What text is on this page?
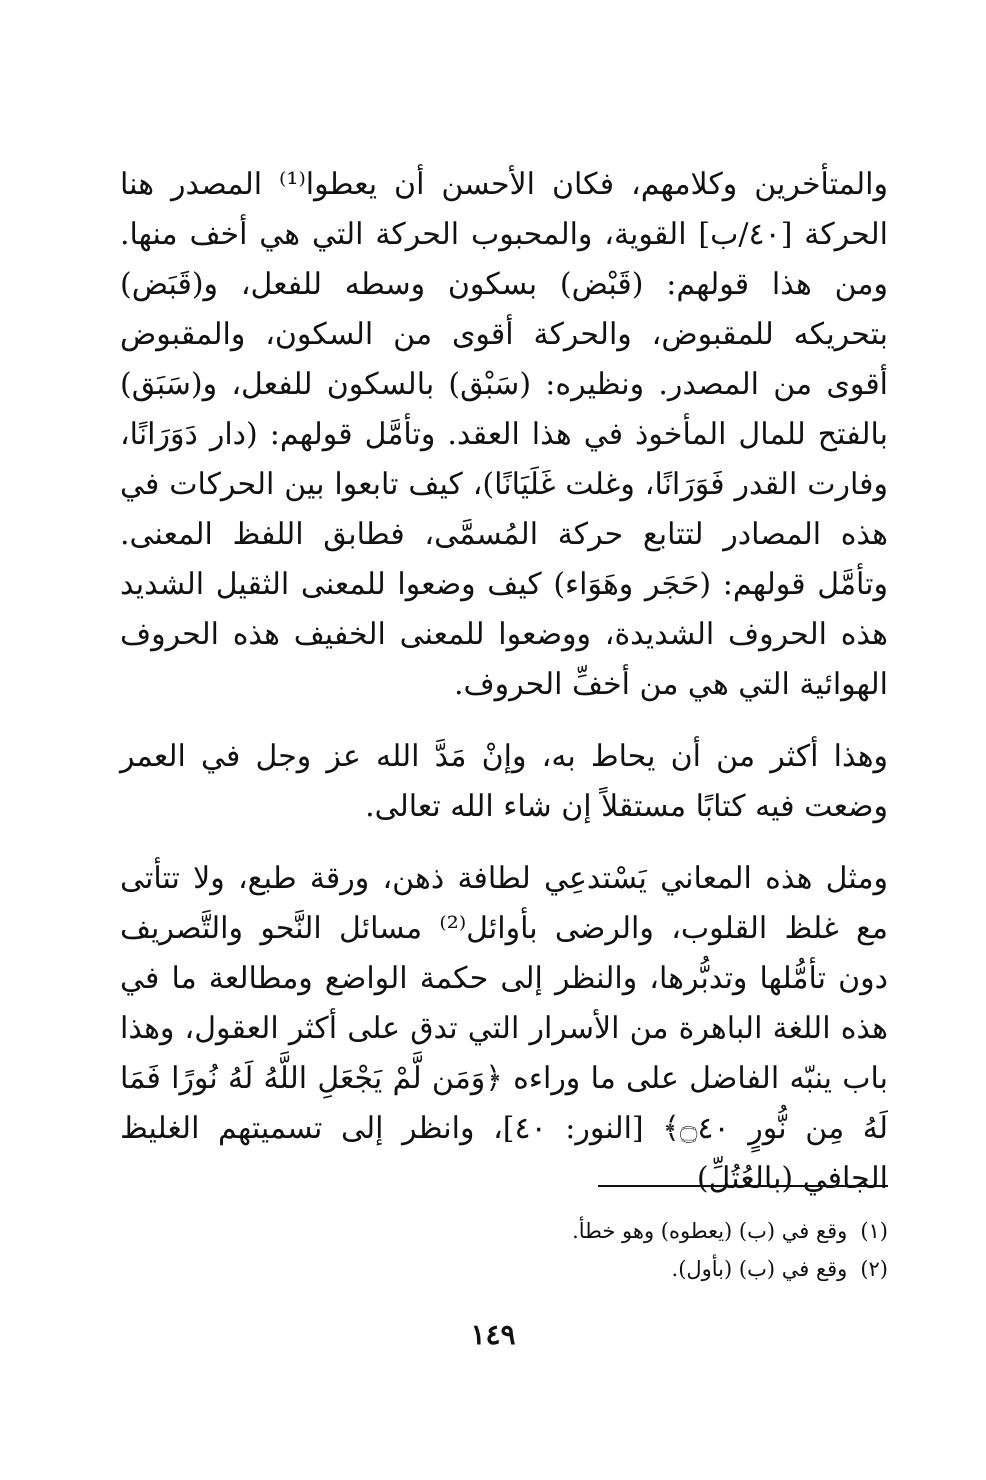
والمتأخرين وكلامهم، فكان الأحسن أن يعطوا⁽¹⁾ المصدر هنا الحركة [٤٠/ب] القوية، والمحبوب الحركة التي هي أخف منها. ومن هذا قولهم: (قَبْض) بسكون وسطه للفعل، و(قَبَض) بتحريكه للمقبوض، والحركة أقوى من السكون، والمقبوض أقوى من المصدر. ونظيره: (سَبْق) بالسكون للفعل، و(سَبَق) بالفتح للمال المأخوذ في هذا العقد. وتأمَّل قولهم: (دار دَوَرَانًا، وفارت القدر فَوَرَانًا، وغلت غَلَيَانًا)، كيف تابعوا بين الحركات في هذه المصادر لتتابع حركة المُسمَّى، فطابق اللفظ المعنى. وتأمَّل قولهم: (حَجَر وهَوَاء) كيف وضعوا للمعنى الثقيل الشديد هذه الحروف الشديدة، ووضعوا للمعنى الخفيف هذه الحروف الهوائية التي هي من أخفِّ الحروف.

وهذا أكثر من أن يحاط به، وإنْ مَدَّ الله عز وجل في العمر وضعت فيه كتابًا مستقلاً إن شاء الله تعالى.

ومثل هذه المعاني يَسْتدعِي لطافة ذهن، ورقة طبع، ولا تتأتى مع غلظ القلوب، والرضى بأوائل⁽²⁾ مسائل النَّحو والتَّصريف دون تأمُّلها وتدبُّرها، والنظر إلى حكمة الواضع ومطالعة ما في هذه اللغة الباهرة من الأسرار التي تدق على أكثر العقول، وهذا باب ينبّه الفاضل على ما وراءه ﴿وَمَن لَّمْ يَجْعَلِ اللَّهُ لَهُ نُورًا فَمَا لَهُ مِن نُّورٍ ۝٤٠﴾ [النور: ٤٠]، وانظر إلى تسميتهم الغليظ الجافي (بالعُتُلِّ)

(١) وقع في (ب) (يعطوه) وهو خطأ.

(٢) وقع في (ب) (بأول).

١٤٩
